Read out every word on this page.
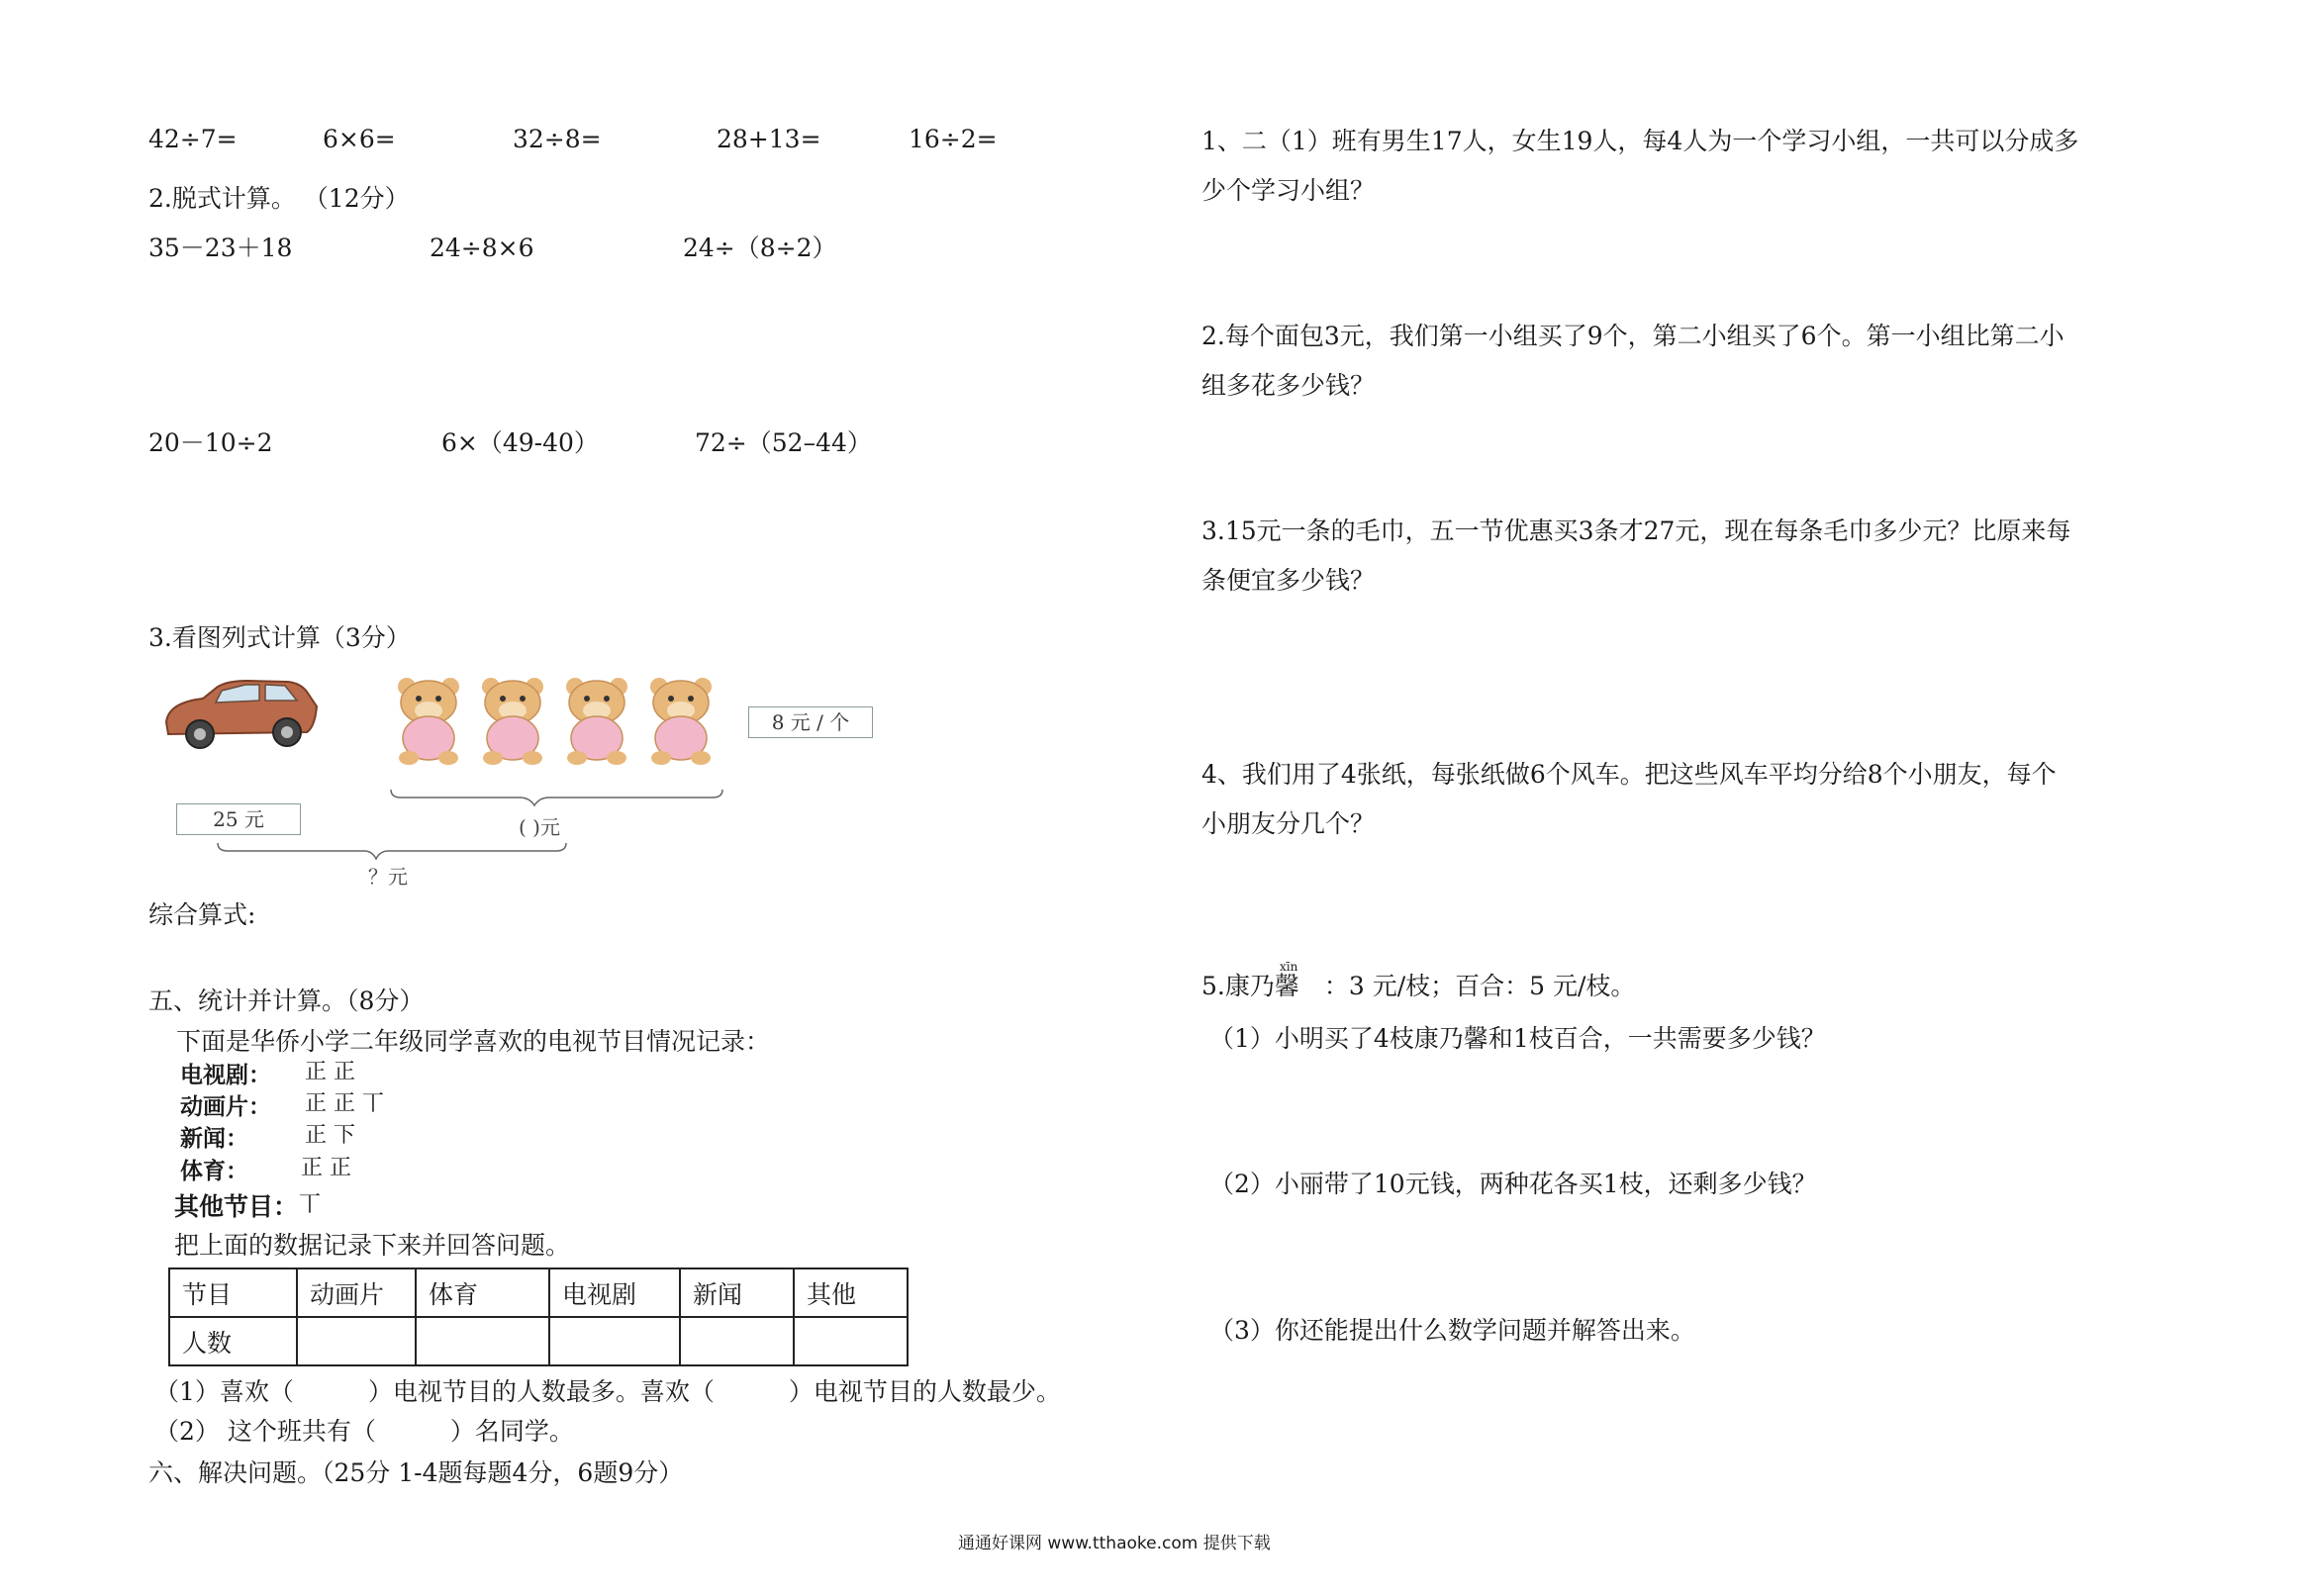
42÷7=	6×6=	32÷8=	28+13=	16÷2=
2.脱式计算。 （12分）
35－23＋18	24÷8×6	24÷（8÷2）
20－10÷2	6×（49-40）	72÷（52–44）
3.看图列式计算（3分）
25 元
8 元 / 个
( )元
？元
综合算式:
五、统计并计算。（8分）
下面是华侨小学二年级同学喜欢的电视节目情况记录：
电视剧： 正 正
动画片： 正 正 丅
新闻：	正 下
体育： 正 正
其他节目： 丅
把上面的数据记录下来并回答问题。
节目	动画片	体育	电视剧	新闻	其他
人数					
（1）喜欢（　　　）电视节目的人数最多。喜欢（　　　）电视节目的人数最少。
（2） 这个班共有（　　　）名同学。
六、解决问题。（25分 1-4题每题4分，6题9分）
1、二（1）班有男生17人，女生19人，每4人为一个学习小组，一共可以分成多
少个学习小组？
2.每个面包3元，我们第一小组买了9个，第二小组买了6个。第一小组比第二小
组多花多少钱？
3.15元一条的毛巾，五一节优惠买3条才27元，现在每条毛巾多少元？比原来每
条便宜多少钱？
4、我们用了4张纸，每张纸做6个风车。把这些风车平均分给8个小朋友，每个
小朋友分几个？
xīn
5.康乃馨　：3 元/枝；百合：5 元/枝。
（1）小明买了4枝康乃馨和1枝百合，一共需要多少钱？
（2）小丽带了10元钱，两种花各买1枝，还剩多少钱？
（3）你还能提出什么数学问题并解答出来。
通通好课网 www.tthaoke.com 提供下载
